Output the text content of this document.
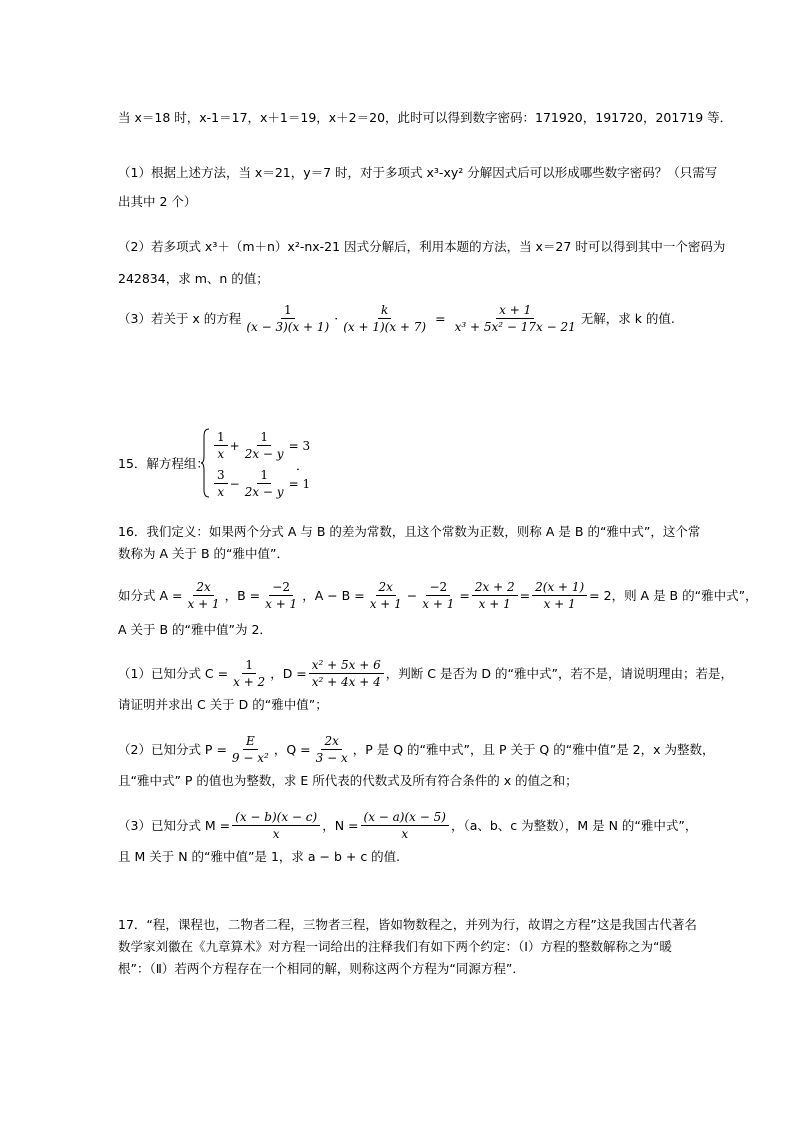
当 x＝18 时，x-1＝17，x＋1＝19，x＋2＝20，此时可以得到数字密码：171920，191720，201719 等．
（1）根据上述方法，当 x＝21，y＝7 时，对于多项式 x³-xy² 分解因式后可以形成哪些数字密码？（只需写
出其中 2 个）
（2）若多项式 x³＋（m＋n）x²-nx-21 因式分解后，利用本题的方法，当 x＝27 时可以得到其中一个密码为
242834，求 m、n 的值；
（3）若关于 x 的方程 $\frac{1}{(x - 3)(x + 1)} \cdot \frac{k}{(x + 1)(x + 7)} = \frac{x + 1}{\text{x³ + 5x² − 17x − 21}}$ 无解，求 k 的值.
15．解方程组：
$\frac{1}{x} + \frac{1}{2x - y} = 3$
$\frac{3}{x} - \frac{1}{2x - y} = 1$
．
16．我们定义：如果两个分式 A 与 B 的差为常数，且这个常数为正数，则称 A 是 B 的“雅中式”，这个常
数称为 A 关于 B 的“雅中值”．
如分式 $A = \frac{2x}{x + 1}$ ，$B = \frac{-2}{x + 1}$ ，$A - B = \frac{2x}{x + 1} - \frac{-2}{x + 1} = \frac{2x + 2}{x + 1} = \frac{2(x + 1)}{x + 1} = 2$，则 A 是 B 的“雅中式”，
A 关于 B 的“雅中值”为 2．
（1）已知分式 $C = \frac{1}{x + 2}$ ，$D = \frac{\text{x² + 5x + 6}}{\text{x² + 4x + 4}}$ ，判断 C 是否为 D 的“雅中式”，若不是，请说明理由；若是，
请证明并求出 C 关于 D 的“雅中值”；
（2）已知分式 $P = \frac{E}{\text{9 − x²}}$ ，$Q = \frac{2x}{3 - x}$ ，P 是 Q 的“雅中式”，且 P 关于 Q 的“雅中值”是 2，x 为整数，
且“雅中式” P 的值也为整数，求 E 所代表的代数式及所有符合条件的 x 的值之和；
（3）已知分式 $M = \frac{(x - b)(x - c)}{x}$ ，$N = \frac{(x - a)(x - 5)}{x}$ ，（a、b、c 为整数），M 是 N 的“雅中式”，
且 M 关于 N 的“雅中值”是 1，求 a − b + c 的值.
17．“程，课程也，二物者二程，三物者三程，皆如物数程之，并列为行，故谓之方程”这是我国古代著名
数学家刘徽在《九章算术》对方程一词给出的注释我们有如下两个约定：（Ⅰ）方程的整数解称之为“暖
根”：（Ⅱ）若两个方程存在一个相同的解，则称这两个方程为“同源方程”．
